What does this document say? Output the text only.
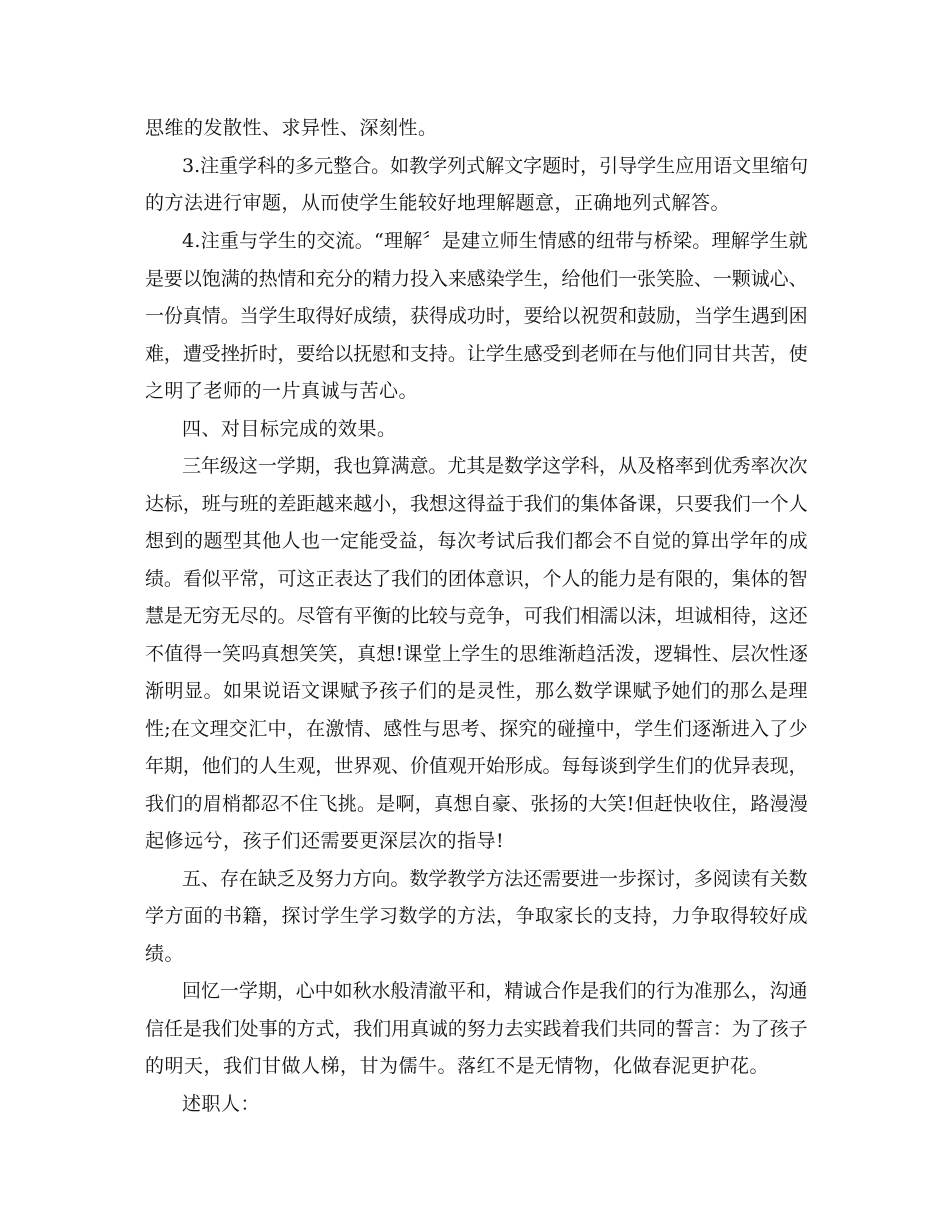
思维的发散性、求异性、深刻性。

3.注重学科的多元整合。如教学列式解文字题时，引导学生应用语文里缩句

的方法进行审题，从而使学生能较好地理解题意，正确地列式解答。

4.注重与学生的交流。“理解〞是建立师生情感的纽带与桥梁。理解学生就

是要以饱满的热情和充分的精力投入来感染学生，给他们一张笑脸、一颗诚心、

一份真情。当学生取得好成绩，获得成功时，要给以祝贺和鼓励，当学生遇到困

难，遭受挫折时，要给以抚慰和支持。让学生感受到老师在与他们同甘共苦，使

之明了老师的一片真诚与苦心。

四、对目标完成的效果。

三年级这一学期，我也算满意。尤其是数学这学科，从及格率到优秀率次次

达标，班与班的差距越来越小，我想这得益于我们的集体备课，只要我们一个人

想到的题型其他人也一定能受益，每次考试后我们都会不自觉的算出学年的成

绩。看似平常，可这正表达了我们的团体意识，个人的能力是有限的，集体的智

慧是无穷无尽的。尽管有平衡的比较与竞争，可我们相濡以沫，坦诚相待，这还

不值得一笑吗真想笑笑，真想!课堂上学生的思维渐趋活泼，逻辑性、层次性逐

渐明显。如果说语文课赋予孩子们的是灵性，那么数学课赋予她们的那么是理

性;在文理交汇中，在激情、感性与思考、探究的碰撞中，学生们逐渐进入了少

年期，他们的人生观，世界观、价值观开始形成。每每谈到学生们的优异表现，

我们的眉梢都忍不住飞挑。是啊，真想自豪、张扬的大笑!但赶快收住，路漫漫

起修远兮，孩子们还需要更深层次的指导!

五、存在缺乏及努力方向。数学教学方法还需要进一步探讨，多阅读有关数

学方面的书籍，探讨学生学习数学的方法，争取家长的支持，力争取得较好成

绩。

回忆一学期，心中如秋水般清澈平和，精诚合作是我们的行为准那么，沟通

信任是我们处事的方式，我们用真诚的努力去实践着我们共同的誓言：为了孩子

的明天，我们甘做人梯，甘为儒牛。落红不是无情物，化做春泥更护花。

述职人：
